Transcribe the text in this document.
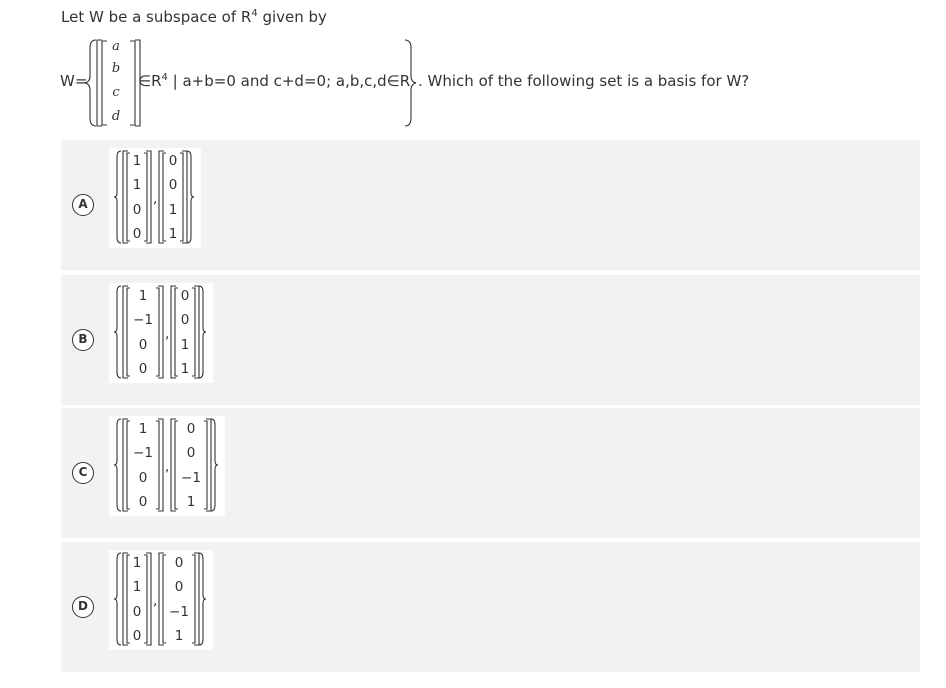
Let W be a subspace of $R^4$ given by
W=
a
b
c
d
$\in R^4$ | a+b=0 and c+d=0; a,b,c,d∈R . Which of the following set is a basis for W?
A
1
1
0
0
,
0
0
1
1
B
1
−1
0
0
,
0
0
1
1
C
1
−1
0
0
,
0
0
−1
1
D
1
1
0
0
,
0
0
−1
1
